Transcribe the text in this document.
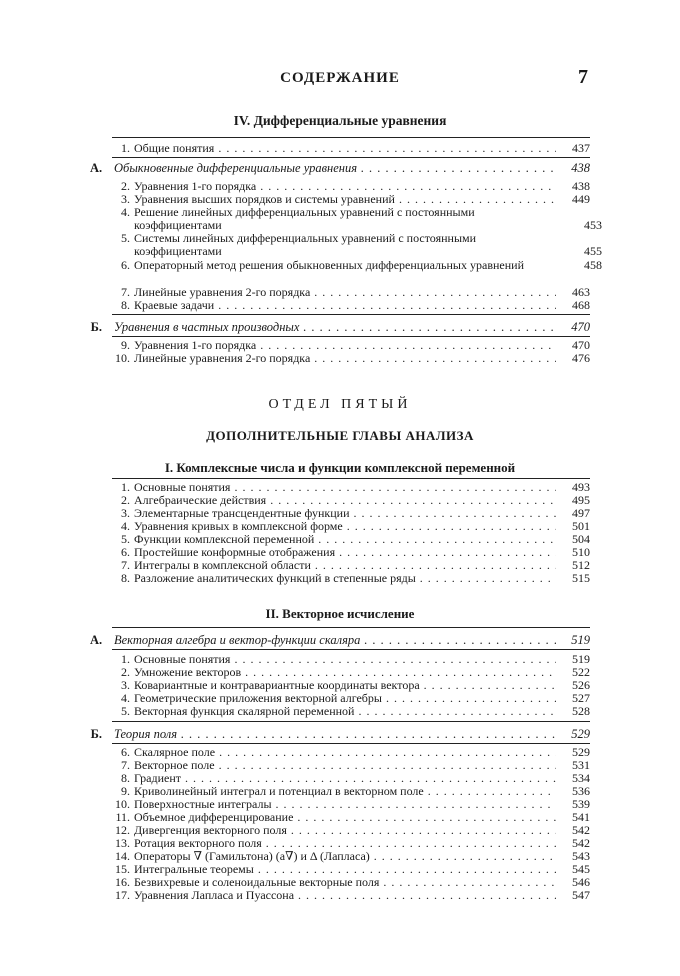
СОДЕРЖАНИЕ	7
IV. Дифференциальные уравнения
1. Общие понятия . . .	437
А. Обыкновенные дифференциальные уравнения . . .	438
2. Уравнения 1-го порядка . . .	438
3. Уравнения высших порядков и системы уравнений . . .	449
4. Решение линейных дифференциальных уравнений с постоянными коэффициентами	453
5. Системы линейных дифференциальных уравнений с постоянными коэффициентами	455
6. Операторный метод решения обыкновенных дифференциальных уравнений	458
7. Линейные уравнения 2-го порядка . . .	463
8. Краевые задачи . . .	468
Б. Уравнения в частных производных . . .	470
9. Уравнения 1-го порядка . . .	470
10. Линейные уравнения 2-го порядка . . .	476
ОТДЕЛ ПЯТЫЙ
ДОПОЛНИТЕЛЬНЫЕ ГЛАВЫ АНАЛИЗА
I. Комплексные числа и функции комплексной переменной
1. Основные понятия . . .	493
2. Алгебраические действия . . .	495
3. Элементарные трансцендентные функции . . .	497
4. Уравнения кривых в комплексной форме . . .	501
5. Функции комплексной переменной . . .	504
6. Простейшие конформные отображения . . .	510
7. Интегралы в комплексной области . . .	512
8. Разложение аналитических функций в степенные ряды . . .	515
II. Векторное исчисление
А. Векторная алгебра и вектор-функции скаляра . . .	519
1. Основные понятия . . .	519
2. Умножение векторов . . .	522
3. Ковариантные и контравариантные координаты вектора . . .	526
4. Геометрические приложения векторной алгебры . . .	527
5. Векторная функция скалярной переменной . . .	528
Б. Теория поля . . .	529
6. Скалярное поле . . .	529
7. Векторное поле . . .	531
8. Градиент . . .	534
9. Криволинейный интеграл и потенциал в векторном поле . . .	536
10. Поверхностные интегралы . . .	539
11. Объемное дифференцирование . . .	541
12. Дивергенция векторного поля . . .	542
13. Ротация векторного поля . . .	542
14. Операторы ∇ (Гамильтона) (a∇) и Δ (Лапласа) . . .	543
15. Интегральные теоремы . . .	545
16. Безвихревые и соленоидальные векторные поля . . .	546
17. Уравнения Лапласа и Пуассона . . .	547
